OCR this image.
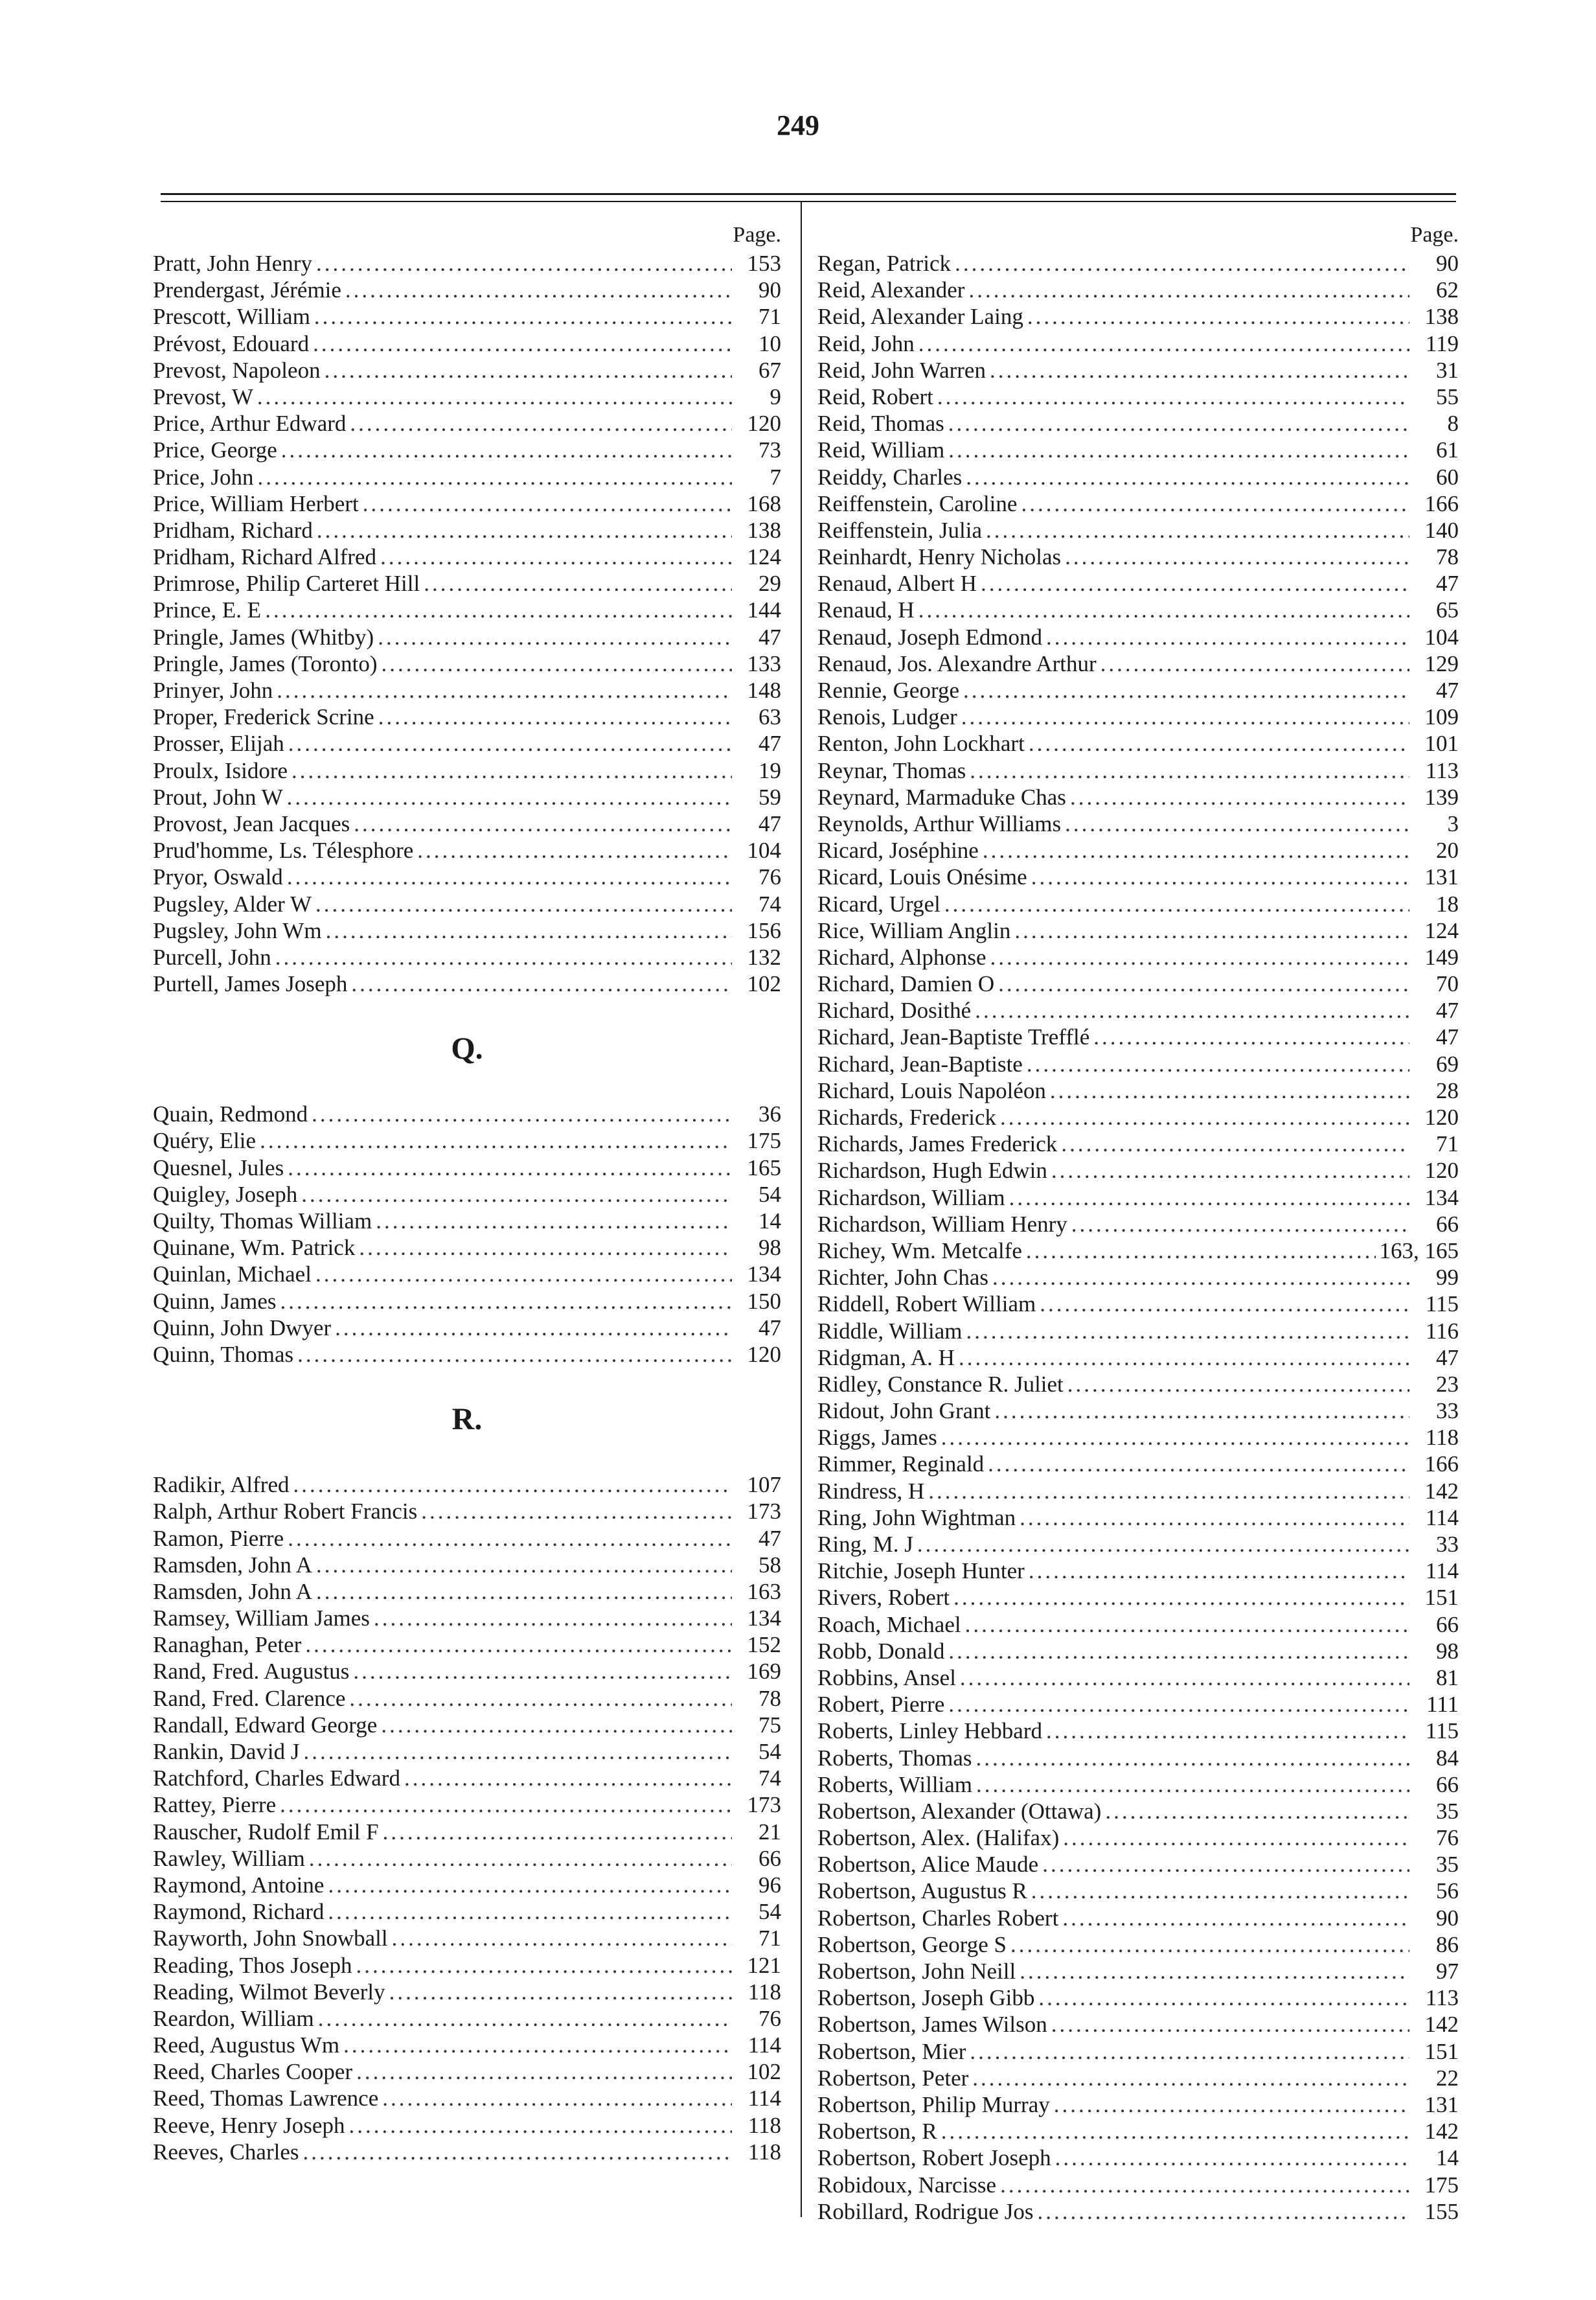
249
Page.
Pratt, John Henry .....	153
Prendergast, Jérémie .....	90
Prescott, William .....	71
Prévost, Edouard .....	10
Prevost, Napoleon .....	67
Prevost, W .....	9
Price, Arthur Edward .....	120
Price, George .....	73
Price, John .....	7
Price, William Herbert .....	168
Pridham, Richard .....	138
Pridham, Richard Alfred .....	124
Primrose, Philip Carteret Hill .....	29
Prince, E. E .....	144
Pringle, James (Whitby) .....	47
Pringle, James (Toronto) .....	133
Prinyer, John .....	148
Proper, Frederick Scrine .....	63
Prosser, Elijah .....	47
Proulx, Isidore .....	19
Prout, John W .....	59
Provost, Jean Jacques .....	47
Prud'homme, Ls. Télesphore .....	104
Pryor, Oswald .....	76
Pugsley, Alder W .....	74
Pugsley, John Wm .....	156
Purcell, John .....	132
Purtell, James Joseph .....	102
Q.
Quain, Redmond .....	36
Quéry, Elie .....	175
Quesnel, Jules .....	165
Quigley, Joseph .....	54
Quilty, Thomas William .....	14
Quinane, Wm. Patrick .....	98
Quinlan, Michael .....	134
Quinn, James .....	150
Quinn, John Dwyer .....	47
Quinn, Thomas .....	120
R.
Radikir, Alfred .....	107
Ralph, Arthur Robert Francis .....	173
Ramon, Pierre .....	47
Ramsden, John A .....	58
Ramsden, John A .....	163
Ramsey, William James .....	134
Ranaghan, Peter .....	152
Rand, Fred. Augustus .....	169
Rand, Fred. Clarence .....	78
Randall, Edward George .....	75
Rankin, David J .....	54
Ratchford, Charles Edward .....	74
Rattey, Pierre .....	173
Rauscher, Rudolf Emil F .....	21
Rawley, William .....	66
Raymond, Antoine .....	96
Raymond, Richard .....	54
Rayworth, John Snowball .....	71
Reading, Thos Joseph .....	121
Reading, Wilmot Beverly .....	118
Reardon, William .....	76
Reed, Augustus Wm .....	114
Reed, Charles Cooper .....	102
Reed, Thomas Lawrence .....	114
Reeve, Henry Joseph .....	118
Reeves, Charles .....	118
Page.
Regan, Patrick .....	90
Reid, Alexander .....	62
Reid, Alexander Laing .....	138
Reid, John .....	119
Reid, John Warren .....	31
Reid, Robert .....	55
Reid, Thomas .....	8
Reid, William .....	61
Reiddy, Charles .....	60
Reiffenstein, Caroline .....	166
Reiffenstein, Julia .....	140
Reinhardt, Henry Nicholas .....	78
Renaud, Albert H .....	47
Renaud, H .....	65
Renaud, Joseph Edmond .....	104
Renaud, Jos. Alexandre Arthur .....	129
Rennie, George .....	47
Renois, Ludger .....	109
Renton, John Lockhart .....	101
Reynar, Thomas .....	113
Reynard, Marmaduke Chas .....	139
Reynolds, Arthur Williams .....	3
Ricard, Joséphine .....	20
Ricard, Louis Onésime .....	131
Ricard, Urgel .....	18
Rice, William Anglin .....	124
Richard, Alphonse .....	149
Richard, Damien O .....	70
Richard, Dosithé .....	47
Richard, Jean-Baptiste Trefflé .....	47
Richard, Jean-Baptiste .....	69
Richard, Louis Napoléon .....	28
Richards, Frederick .....	120
Richards, James Frederick .....	71
Richardson, Hugh Edwin .....	120
Richardson, William .....	134
Richardson, William Henry .....	66
Richey, Wm. Metcalfe .....	163, 165
Richter, John Chas .....	99
Riddell, Robert William .....	115
Riddle, William .....	116
Ridgman, A. H .....	47
Ridley, Constance R. Juliet .....	23
Ridout, John Grant .....	33
Riggs, James .....	118
Rimmer, Reginald .....	166
Rindress, H .....	142
Ring, John Wightman .....	114
Ring, M. J .....	33
Ritchie, Joseph Hunter .....	114
Rivers, Robert .....	151
Roach, Michael .....	66
Robb, Donald .....	98
Robbins, Ansel .....	81
Robert, Pierre .....	111
Roberts, Linley Hebbard .....	115
Roberts, Thomas .....	84
Roberts, William .....	66
Robertson, Alexander (Ottawa) .....	35
Robertson, Alex. (Halifax) .....	76
Robertson, Alice Maude .....	35
Robertson, Augustus R .....	56
Robertson, Charles Robert .....	90
Robertson, George S .....	86
Robertson, John Neill .....	97
Robertson, Joseph Gibb .....	113
Robertson, James Wilson .....	142
Robertson, Mier .....	151
Robertson, Peter .....	22
Robertson, Philip Murray .....	131
Robertson, R .....	142
Robertson, Robert Joseph .....	14
Robidoux, Narcisse .....	175
Robillard, Rodrigue Jos .....	155
